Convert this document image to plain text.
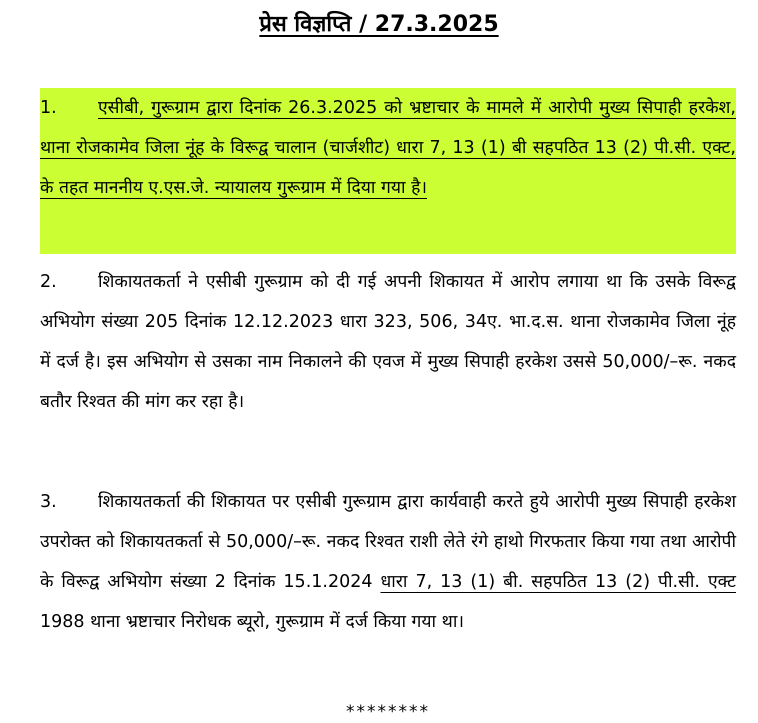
प्रेस विज्ञप्ति / 27.3.2025

1. एसीबी, गुरूग्राम द्वारा दिनांक 26.3.2025 को भ्रष्टाचार के मामले में आरोपी मुख्य सिपाही हरकेश, थाना रोजकामेव जिला नूंह के विरूद्व चालान (चार्जशीट) धारा 7, 13 (1) बी सहपठित 13 (2) पी.सी. एक्ट, के तहत माननीय ए.एस.जे. न्यायालय गुरूग्राम में दिया गया है।

2. शिकायतकर्ता ने एसीबी गुरूग्राम को दी गई अपनी शिकायत में आरोप लगाया था कि उसके विरूद्व अभियोग संख्या 205 दिनांक 12.12.2023 धारा 323, 506, 34ए. भा.द.स. थाना रोजकामेव जिला नूंह में दर्ज है। इस अभियोग से उसका नाम निकालने की एवज में मुख्य सिपाही हरकेश उससे 50,000/–रू. नकद बतौर रिश्वत की मांग कर रहा है।

3. शिकायतकर्ता की शिकायत पर एसीबी गुरूग्राम द्वारा कार्यवाही करते हुये आरोपी मुख्य सिपाही हरकेश उपरोक्त को शिकायतकर्ता से 50,000/–रू. नकद रिश्वत राशी लेते रंगे हाथो गिरफतार किया गया तथा आरोपी के विरूद्व अभियोग संख्या 2 दिनांक 15.1.2024 धारा 7, 13 (1) बी. सहपठित 13 (2) पी.सी. एक्ट 1988 थाना भ्रष्टाचार निरोधक ब्यूरो, गुरूग्राम में दर्ज किया गया था।

********
